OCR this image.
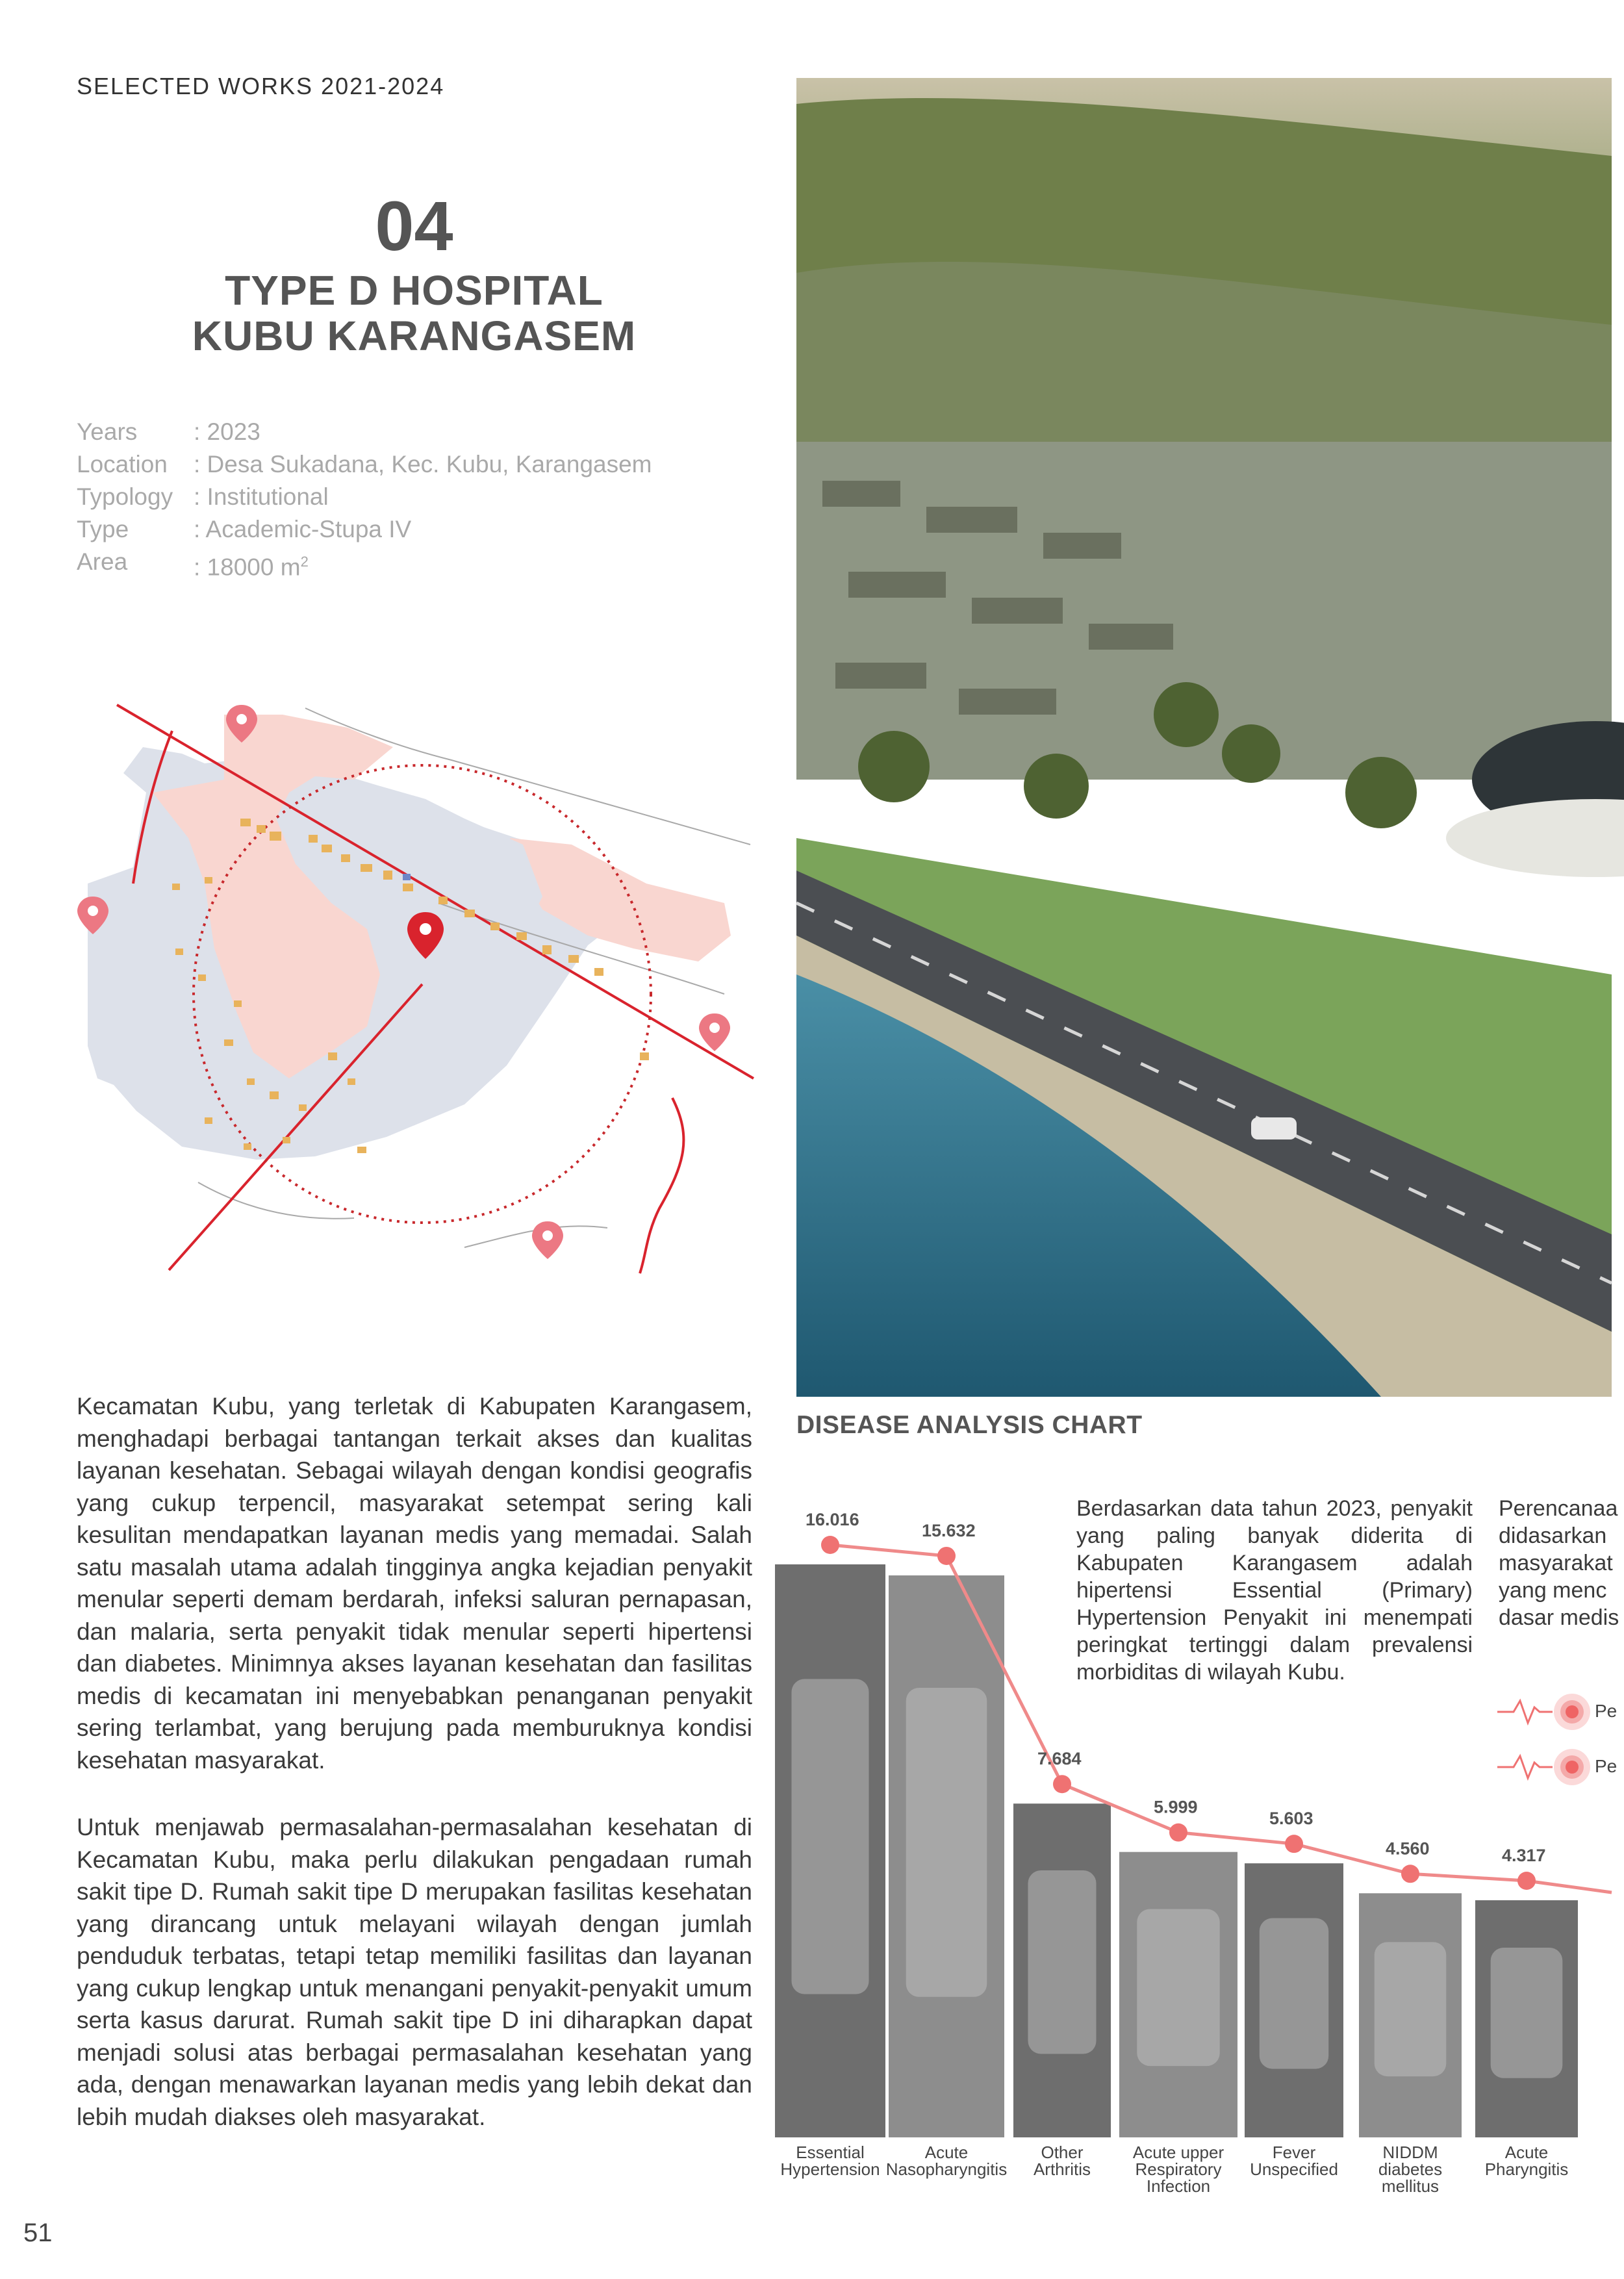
SELECTED WORKS 2021-2024
04
TYPE D HOSPITAL
KUBU KARANGASEM
Years	: 2023
Location	: Desa Sukadana, Kec. Kubu, Karangasem
Typology : Institutional
Type	: Academic-Stupa IV
Area	: 18000 $m^2$
Kecamatan Kubu, yang terletak di Kabupaten Karangasem, menghadapi berbagai tantangan terkait akses dan kualitas layanan kesehatan. Sebagai wilayah dengan kondisi geografis yang cukup terpencil, masyarakat setempat sering kali kesulitan mendapatkan layanan medis yang memadai. Salah satu masalah utama adalah tingginya angka kejadian penyakit menular seperti demam berdarah, infeksi saluran pernapasan, dan malaria, serta penyakit tidak menular seperti hipertensi dan diabetes. Minimnya akses layanan kesehatan dan fasilitas medis di kecamatan ini menyebabkan penanganan penyakit sering terlambat, yang berujung pada memburuknya kondisi kesehatan masyarakat.
Untuk menjawab permasalahan-permasalahan kesehatan di Kecamatan Kubu, maka perlu dilakukan pengadaan rumah sakit tipe D. Rumah sakit tipe D merupakan fasilitas kesehatan yang dirancang untuk melayani wilayah dengan jumlah penduduk terbatas, tetapi tetap memiliki fasilitas dan layanan yang cukup lengkap untuk menangani penyakit-penyakit umum serta kasus darurat. Rumah sakit tipe D ini diharapkan dapat menjadi solusi atas berbagai permasalahan kesehatan yang ada, dengan menawarkan layanan medis yang lebih dekat dan lebih mudah diakses oleh masyarakat.
DISEASE ANALYSIS CHART
16.016
15.632
7.684
5.999
5.603
4.560	4.317
Essential
Hypertension
Acute
Nasopharyngitis
Other
Arthritis
Acute upper
Respiratory
Infection
Fever
Unspecified
NIDDM
diabetes
mellitus
Acute
Pharyngitis
Berdasarkan data tahun 2023, penyakit yang paling banyak diderita di Kabupaten Karangasem adalah hipertensi Essential (Primary) Hypertension Penyakit ini menempati peringkat tertinggi dalam prevalensi morbiditas di wilayah Kubu.
Perencanaa
didasarkan
masyarakat
yang menc
dasar medis
Pe
Pe
51
